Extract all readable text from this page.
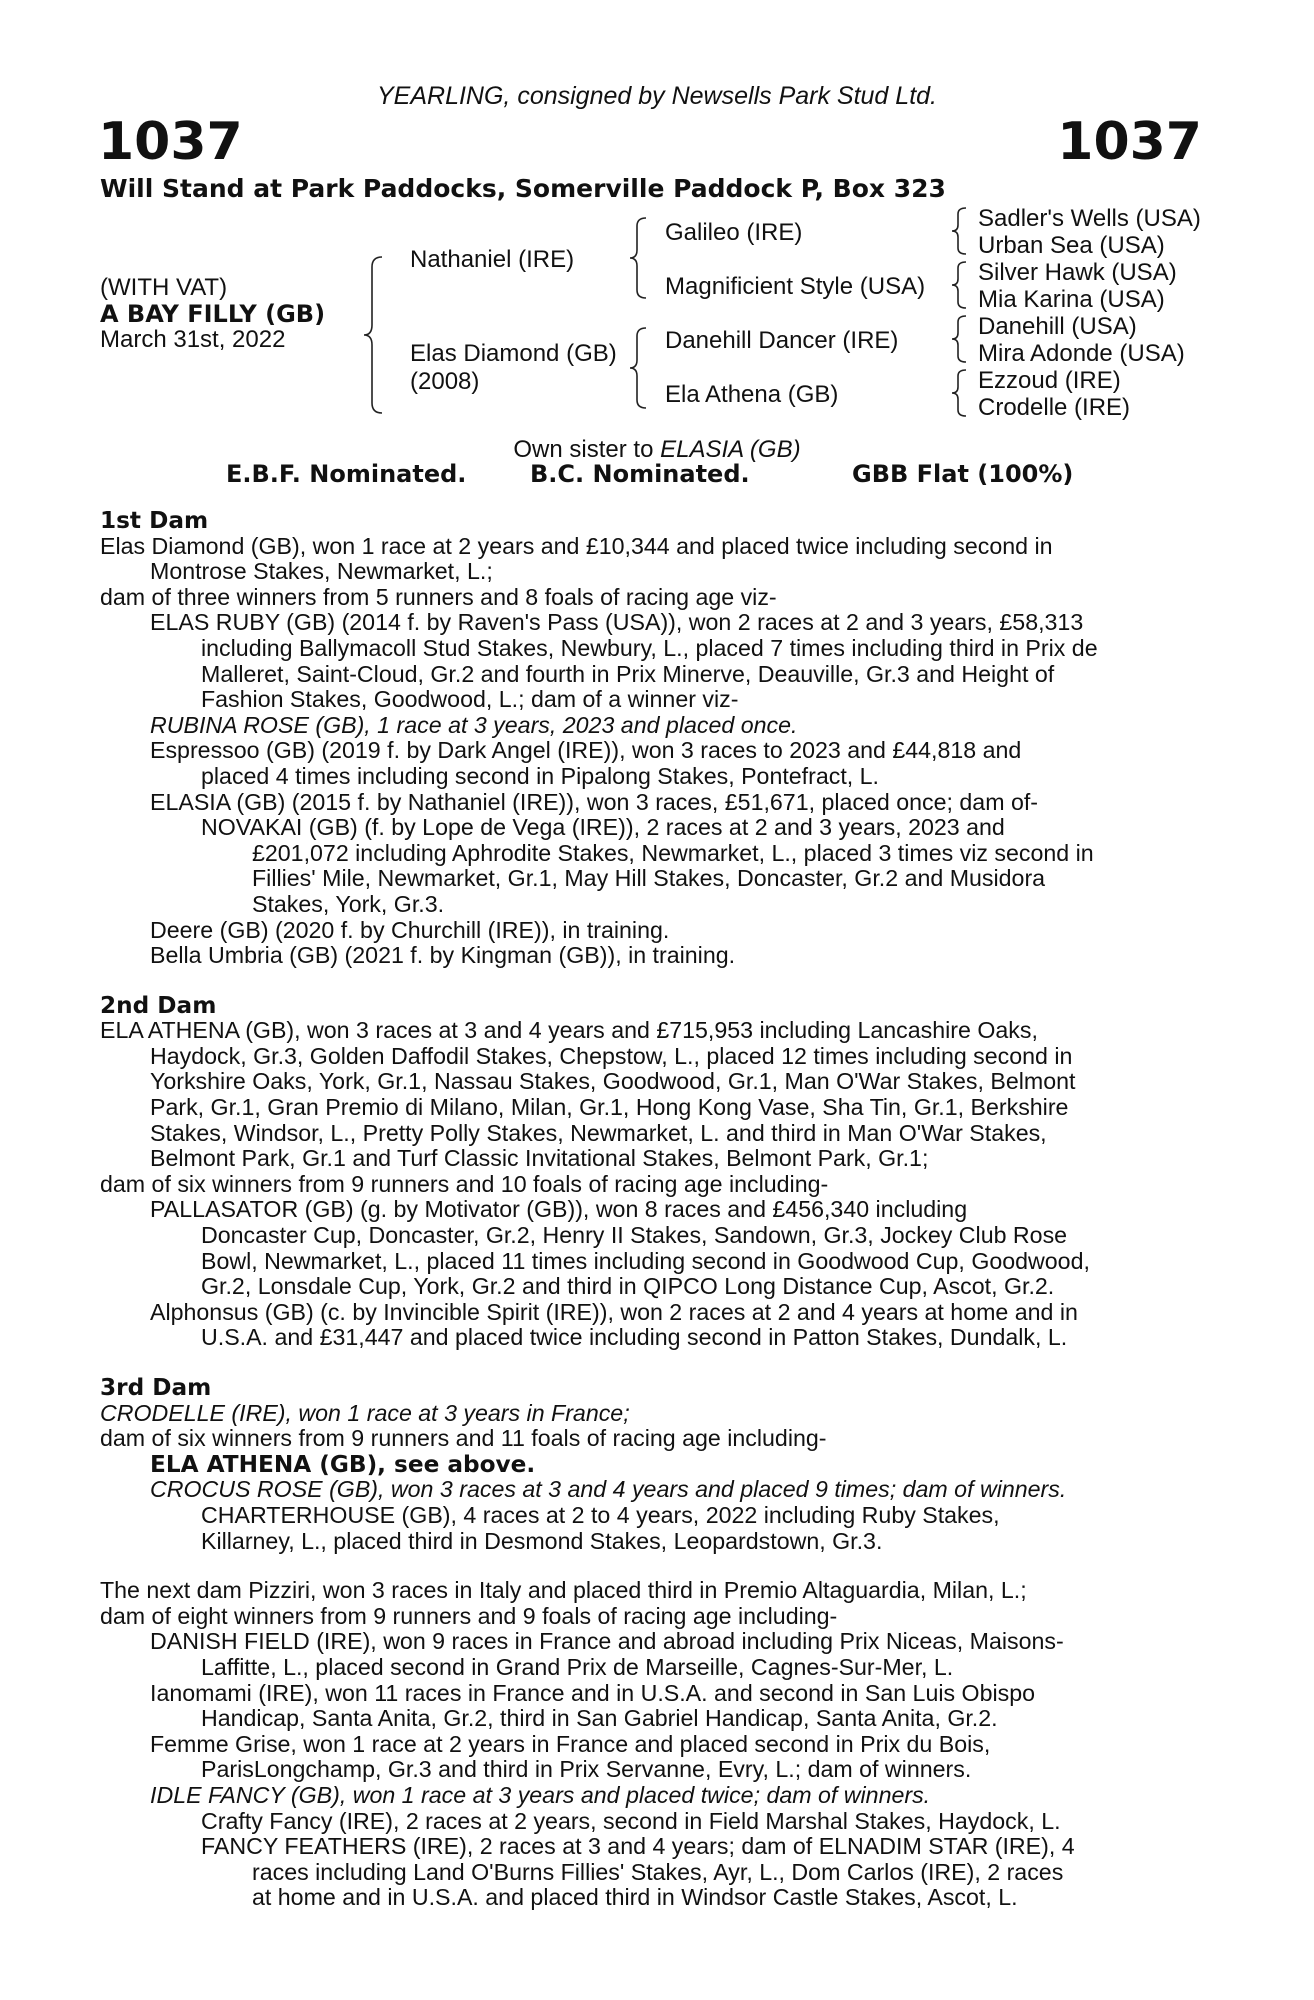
YEARLING, consigned by Newsells Park Stud Ltd.
1037	1037
Will Stand at Park Paddocks, Somerville Paddock P, Box 323
(WITH VAT)
A BAY FILLY (GB)
March 31st, 2022
Nathaniel (IRE)
Elas Diamond (GB)
(2008)
Galileo (IRE)
Magnificient Style (USA)
Danehill Dancer (IRE)
Ela Athena (GB)
Sadler's Wells (USA)
Urban Sea (USA)
Silver Hawk (USA)
Mia Karina (USA)
Danehill (USA)
Mira Adonde (USA)
Ezzoud (IRE)
Crodelle (IRE)
Own sister to ELASIA (GB)
E.B.F. Nominated.	B.C. Nominated.	GBB Flat (100%)
1st Dam
Elas Diamond (GB), won 1 race at 2 years and £10,344 and placed twice including second in
Montrose Stakes, Newmarket, L.;
dam of three winners from 5 runners and 8 foals of racing age viz-
ELAS RUBY (GB) (2014 f. by Raven's Pass (USA)), won 2 races at 2 and 3 years, £58,313
including Ballymacoll Stud Stakes, Newbury, L., placed 7 times including third in Prix de
Malleret, Saint-Cloud, Gr.2 and fourth in Prix Minerve, Deauville, Gr.3 and Height of
Fashion Stakes, Goodwood, L.; dam of a winner viz-
RUBINA ROSE (GB), 1 race at 3 years, 2023 and placed once.
Espressoo (GB) (2019 f. by Dark Angel (IRE)), won 3 races to 2023 and £44,818 and
placed 4 times including second in Pipalong Stakes, Pontefract, L.
ELASIA (GB) (2015 f. by Nathaniel (IRE)), won 3 races, £51,671, placed once; dam of-
NOVAKAI (GB) (f. by Lope de Vega (IRE)), 2 races at 2 and 3 years, 2023 and
£201,072 including Aphrodite Stakes, Newmarket, L., placed 3 times viz second in
Fillies' Mile, Newmarket, Gr.1, May Hill Stakes, Doncaster, Gr.2 and Musidora
Stakes, York, Gr.3.
Deere (GB) (2020 f. by Churchill (IRE)), in training.
Bella Umbria (GB) (2021 f. by Kingman (GB)), in training.
2nd Dam
ELA ATHENA (GB), won 3 races at 3 and 4 years and £715,953 including Lancashire Oaks,
Haydock, Gr.3, Golden Daffodil Stakes, Chepstow, L., placed 12 times including second in
Yorkshire Oaks, York, Gr.1, Nassau Stakes, Goodwood, Gr.1, Man O'War Stakes, Belmont
Park, Gr.1, Gran Premio di Milano, Milan, Gr.1, Hong Kong Vase, Sha Tin, Gr.1, Berkshire
Stakes, Windsor, L., Pretty Polly Stakes, Newmarket, L. and third in Man O'War Stakes,
Belmont Park, Gr.1 and Turf Classic Invitational Stakes, Belmont Park, Gr.1;
dam of six winners from 9 runners and 10 foals of racing age including-
PALLASATOR (GB) (g. by Motivator (GB)), won 8 races and £456,340 including
Doncaster Cup, Doncaster, Gr.2, Henry II Stakes, Sandown, Gr.3, Jockey Club Rose
Bowl, Newmarket, L., placed 11 times including second in Goodwood Cup, Goodwood,
Gr.2, Lonsdale Cup, York, Gr.2 and third in QIPCO Long Distance Cup, Ascot, Gr.2.
Alphonsus (GB) (c. by Invincible Spirit (IRE)), won 2 races at 2 and 4 years at home and in
U.S.A. and £31,447 and placed twice including second in Patton Stakes, Dundalk, L.
3rd Dam
CRODELLE (IRE), won 1 race at 3 years in France;
dam of six winners from 9 runners and 11 foals of racing age including-
ELA ATHENA (GB), see above.
CROCUS ROSE (GB), won 3 races at 3 and 4 years and placed 9 times; dam of winners.
CHARTERHOUSE (GB), 4 races at 2 to 4 years, 2022 including Ruby Stakes,
Killarney, L., placed third in Desmond Stakes, Leopardstown, Gr.3.
The next dam Pizziri, won 3 races in Italy and placed third in Premio Altaguardia, Milan, L.;
dam of eight winners from 9 runners and 9 foals of racing age including-
DANISH FIELD (IRE), won 9 races in France and abroad including Prix Niceas, Maisons-
Laffitte, L., placed second in Grand Prix de Marseille, Cagnes-Sur-Mer, L.
Ianomami (IRE), won 11 races in France and in U.S.A. and second in San Luis Obispo
Handicap, Santa Anita, Gr.2, third in San Gabriel Handicap, Santa Anita, Gr.2.
Femme Grise, won 1 race at 2 years in France and placed second in Prix du Bois,
ParisLongchamp, Gr.3 and third in Prix Servanne, Evry, L.; dam of winners.
IDLE FANCY (GB), won 1 race at 3 years and placed twice; dam of winners.
Crafty Fancy (IRE), 2 races at 2 years, second in Field Marshal Stakes, Haydock, L.
FANCY FEATHERS (IRE), 2 races at 3 and 4 years; dam of ELNADIM STAR (IRE), 4
races including Land O'Burns Fillies' Stakes, Ayr, L., Dom Carlos (IRE), 2 races
at home and in U.S.A. and placed third in Windsor Castle Stakes, Ascot, L.
